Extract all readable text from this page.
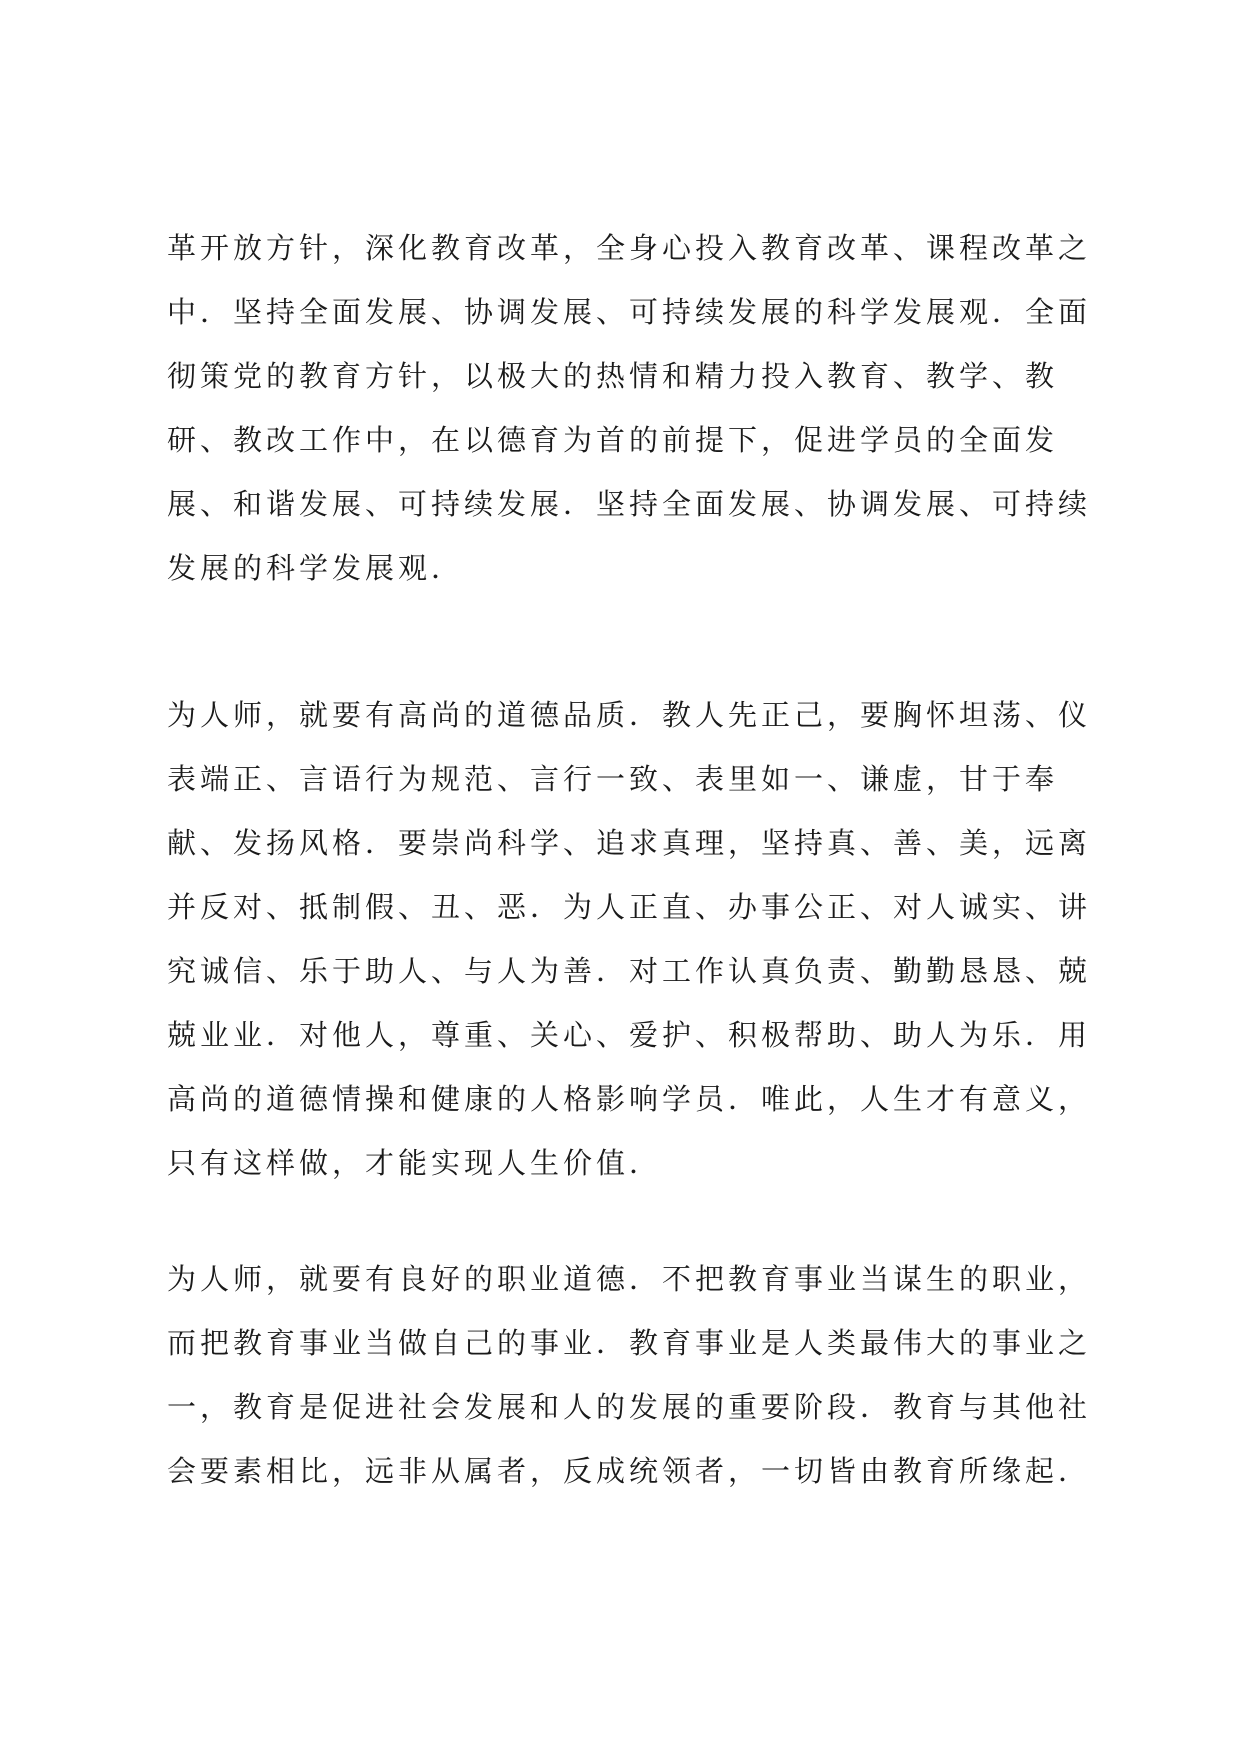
革开放方针，深化教育改革，全身心投入教育改革、课程改革之
中．坚持全面发展、协调发展、可持续发展的科学发展观．全面
彻策党的教育方针，以极大的热情和精力投入教育、教学、教
研、教改工作中，在以德育为首的前提下，促进学员的全面发
展、和谐发展、可持续发展．坚持全面发展、协调发展、可持续
发展的科学发展观．
为人师，就要有高尚的道德品质．教人先正己，要胸怀坦荡、仪
表端正、言语行为规范、言行一致、表里如一、谦虚，甘于奉
献、发扬风格．要崇尚科学、追求真理，坚持真、善、美，远离
并反对、抵制假、丑、恶．为人正直、办事公正、对人诚实、讲
究诚信、乐于助人、与人为善．对工作认真负责、勤勤恳恳、兢
兢业业．对他人，尊重、关心、爱护、积极帮助、助人为乐．用
高尚的道德情操和健康的人格影响学员．唯此，人生才有意义，
只有这样做，才能实现人生价值．
为人师，就要有良好的职业道德．不把教育事业当谋生的职业，
而把教育事业当做自己的事业．教育事业是人类最伟大的事业之
一，教育是促进社会发展和人的发展的重要阶段．教育与其他社
会要素相比，远非从属者，反成统领者，一切皆由教育所缘起．
